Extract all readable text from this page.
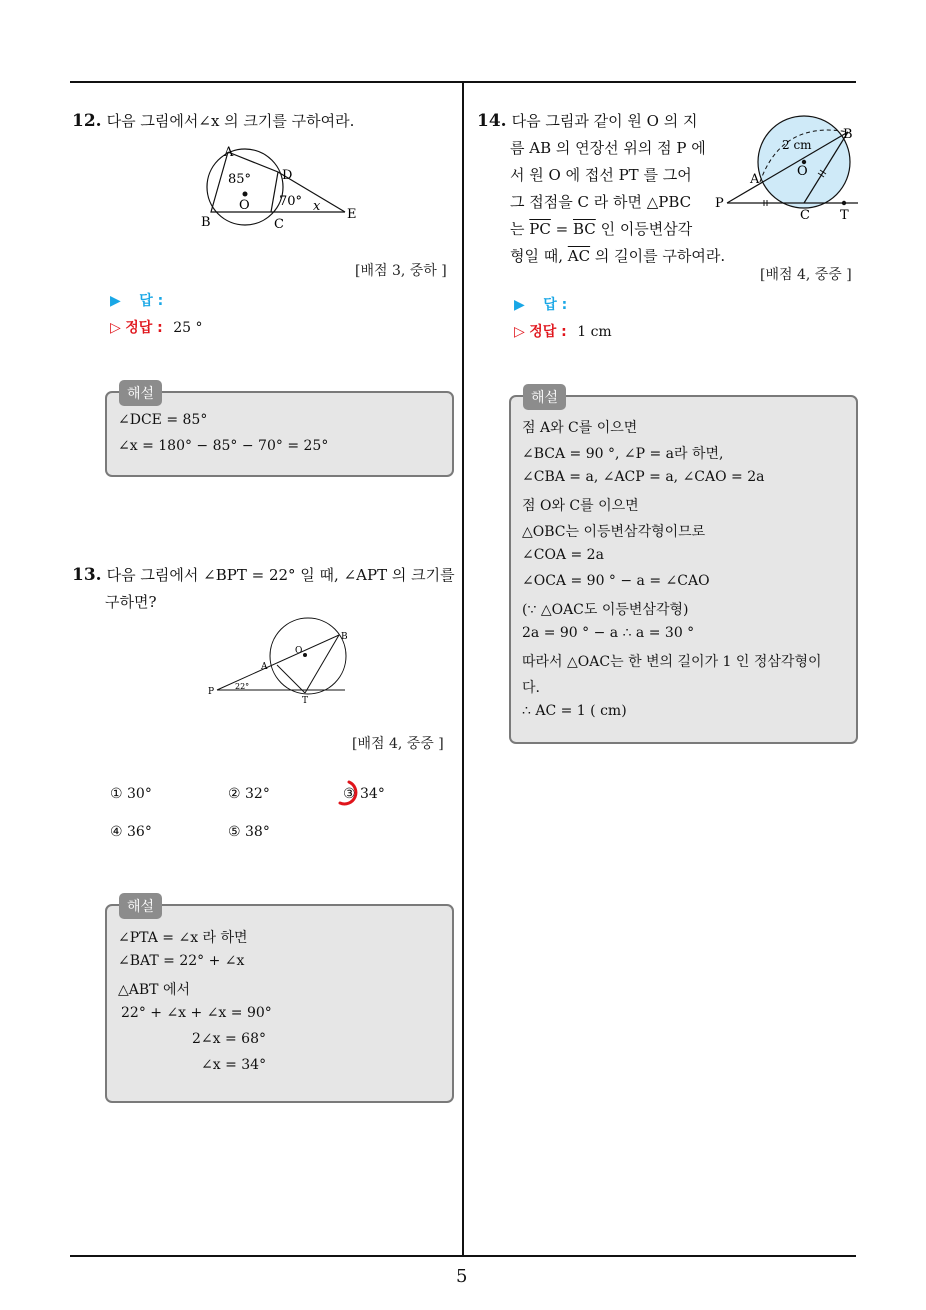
5
12. 다음 그림에서∠x 의 크기를 구하여라.
A
B	C
D
E
O
85°
70° x
[배점 3, 중하 ]
▶ 답 :
▷ 정답 : 25 °
해설
∠DCE = 85°
∠x = 180° − 85° − 70° = 25°
13. 다음 그림에서 ∠BPT = 22° 일 때, ∠APT 의 크기를
구하면?
P
A
B
O
T
22°
[배점 4, 중중 ]
① 30°	② 32°	③ 34°
④ 36°	⑤ 38°
해설
∠PTA = ∠x 라 하면
∠BAT = 22° + ∠x
△ABT 에서
22° + ∠x + ∠x = 90°
2∠x = 68°
∠x = 34°
14. 다음 그림과 같이 원 O 의 지
름 AB 의 연장선 위의 점 P 에
서 원 O 에 접선 PT 를 그어
그 접점을 C 라 하면 △PBC
는 $\overline{PC} = \overline{BC}$ 인 이등변삼각
형일 때, $\overline{AC}$ 의 길이를 구하여라.
P
A
B
O
C T
2 cm
[배점 4, 중중 ]
▶ 답 :
▷ 정답 : 1 cm
해설
점 A와 C를 이으면
∠BCA = 90 °, ∠P = a라 하면,
∠CBA = a, ∠ACP = a, ∠CAO = 2a
점 O와 C를 이으면
△OBC는 이등변삼각형이므로
∠COA = 2a
∠OCA = 90 ° − a = ∠CAO
(∵ △OAC도 이등변삼각형)
2a = 90 ° − a ∴ a = 30 °
따라서 △OAC는 한 변의 길이가 1 인 정삼각형이
다.
∴ AC = 1 ( cm)
